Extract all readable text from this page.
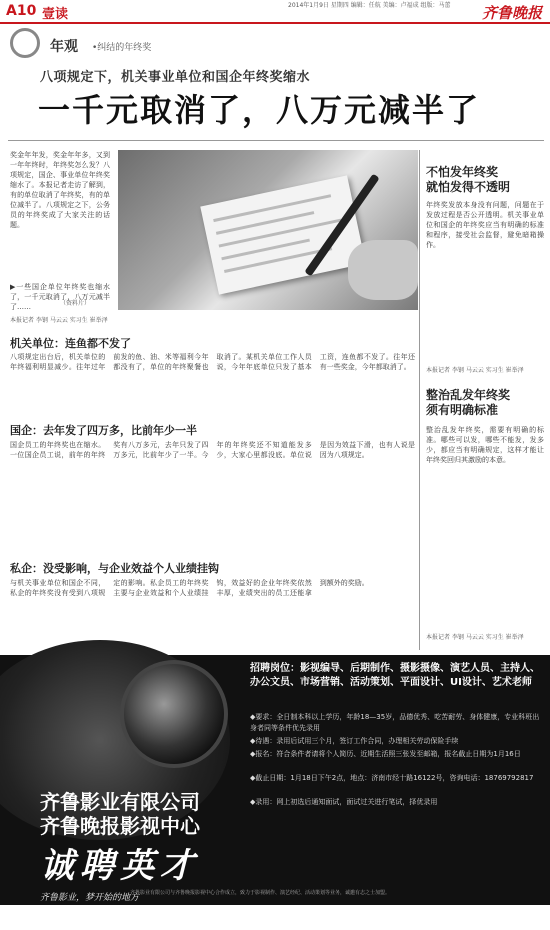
A10 壹读
2014年1月9日 星期四 编辑：任航 美编：卢福成 组版：马蕾	齐鲁晚报
年观 •纠结的年终奖
八项规定下，机关事业单位和国企年终奖缩水
一千元取消了，八万元减半了
奖金年年发，奖金年年多，又到一年年终时，年终奖怎么发？八项规定，国企、事业单位年终奖缩水了。本报记者走访了解到，有的单位取消了年终奖，有的单位减半了。八项规定之下，公务员的年终奖成了大家关注的话题。
▶一些国企单位年终奖也缩水了，一千元取消了，八万元减半了……	（资料片）
本报记者 李钢 马云云 实习生 崔举泽
机关单位：连鱼都不发了
八项规定出台后，机关单位的年终福利明显减少。往年过年前发的鱼、油、米等福利今年都没有了，单位的年终聚餐也取消了。某机关单位工作人员说，今年年底单位只发了基本工资，连鱼都不发了。往年还有一些奖金，今年都取消了。
国企：去年发了四万多，比前年少一半
国企员工的年终奖也在缩水。一位国企员工说，前年的年终奖有八万多元，去年只发了四万多元，比前年少了一半。今年的年终奖还不知道能发多少，大家心里都没底。单位说是因为效益下滑，也有人说是因为八项规定。
私企：没受影响，与企业效益个人业绩挂钩
与机关事业单位和国企不同，私企的年终奖没有受到八项规定的影响。私企员工的年终奖主要与企业效益和个人业绩挂钩，效益好的企业年终奖依然丰厚，业绩突出的员工还能拿到额外的奖励。
不怕发年终奖
就怕发得不透明
年终奖发放本身没有问题，问题在于发放过程是否公开透明。机关事业单位和国企的年终奖应当有明确的标准和程序，接受社会监督，避免暗箱操作。
本报记者 李钢 马云云 实习生 崔举泽
整治乱发年终奖
须有明确标准
整治乱发年终奖，需要有明确的标准。哪些可以发，哪些不能发，发多少，都应当有明确规定，这样才能让年终奖回归其激励的本意。
本报记者 李钢 马云云 实习生 崔举泽
招聘岗位：影视编导、后期制作、摄影摄像、演艺人员、主持人、办公文员、市场营销、活动策划、平面设计、UI设计、艺术老师
◆要求：全日制本科以上学历，年龄18—35岁，品德优秀、吃苦耐劳、身体健康，专业科班出身者同等条件优先录用
◆待遇：录用后试用三个月，签订工作合同，办理相关劳动保险手续
◆报名：符合条件者请将个人简历、近期生活照三张发至邮箱，报名截止日期为1月16日
◆截止日期：1月18日下午2点，地点：济南市经十路16122号，咨询电话：18769792817
◆录用：网上初选后通知面试，面试过关进行笔试，择优录用
齐鲁影业有限公司
齐鲁晚报影视中心
诚聘英才
齐鲁影业，梦开始的地方
齐鲁影业有限公司与齐鲁晚报影视中心合作成立，致力于影视制作、演艺经纪、活动策划等业务，诚邀有志之士加盟。
